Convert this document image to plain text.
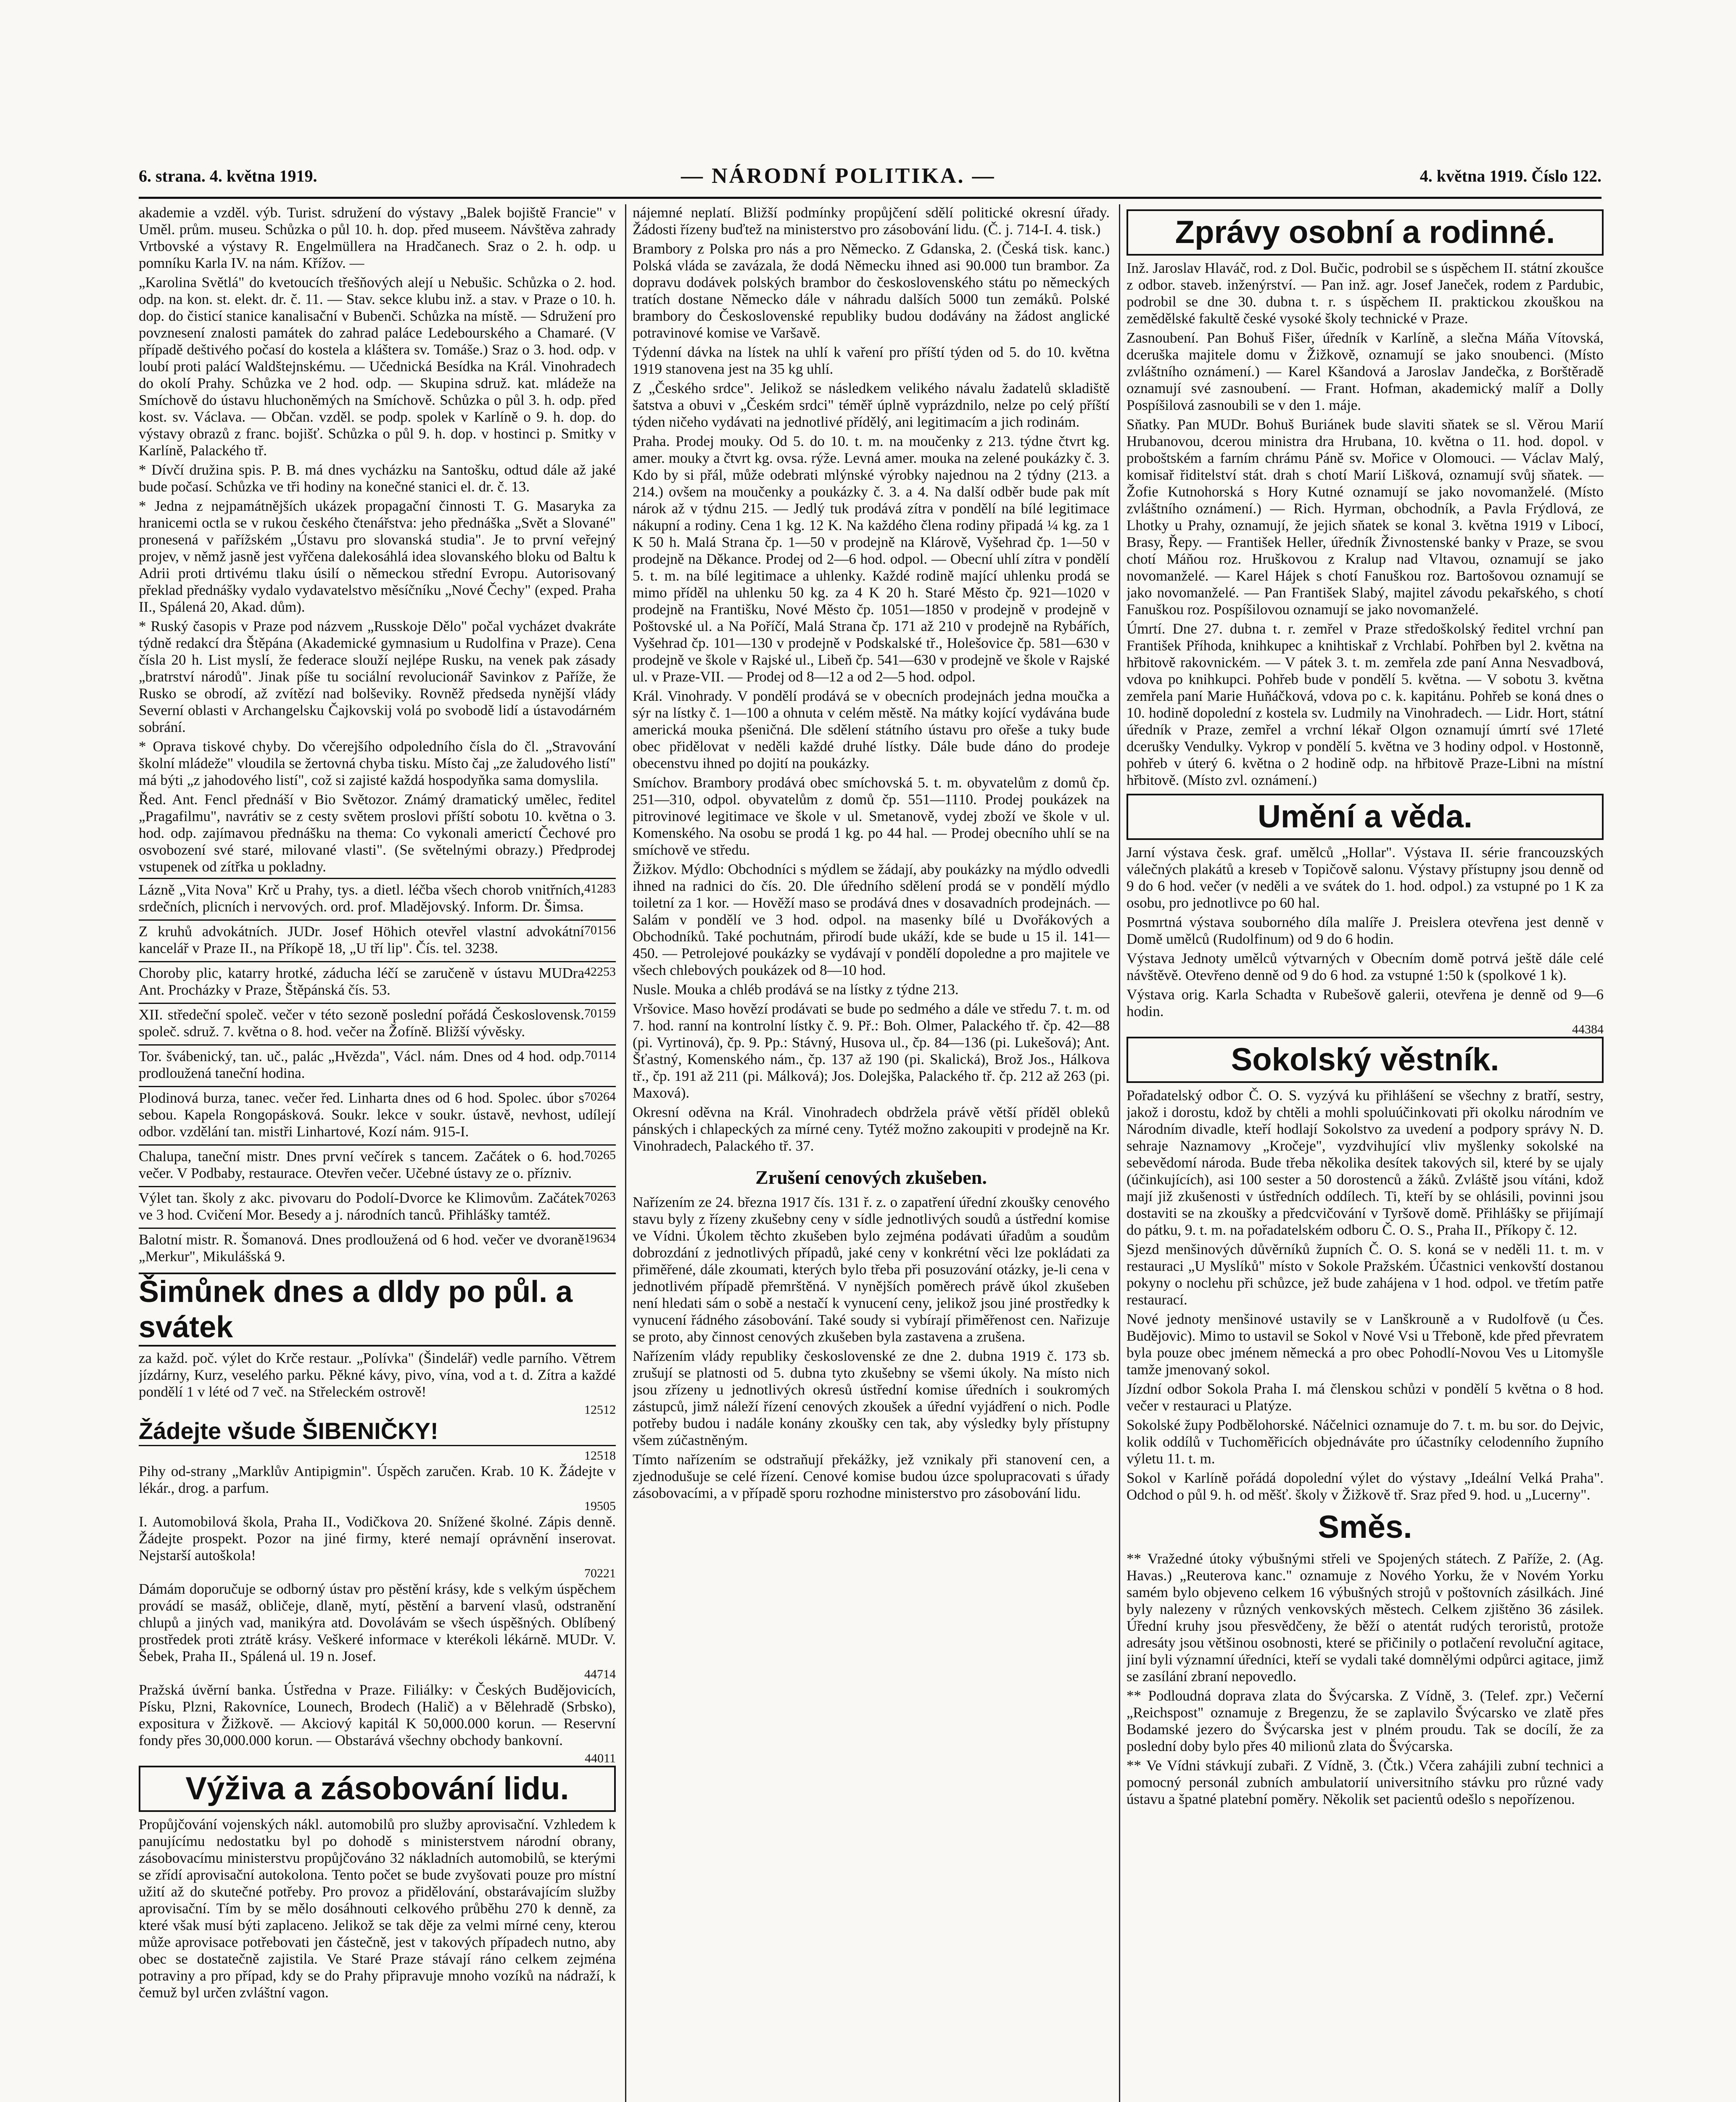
6. strana. 4. května 1919.	— NÁRODNÍ POLITIKA. —	4. května 1919. Číslo 122.

akademie a vzděl. výb. Turist. sdružení do výstavy „Balek bojiště Francie" v Uměl. prům. museu. Schůzka o půl 10. h. dop. před museem. Návštěva zahrady Vrtbovské a výstavy R. Engelmüllera na Hradčanech. Sraz o 2. h. odp. u pomníku Karla IV. na nám. Křížov. —

„Karolina Světlá" do kvetoucích třešňových alejí u Nebušic. Schůzka o 2. hod. odp. na kon. st. elekt. dr. č. 11. — Stav. sekce klubu inž. a stav. v Praze o 10. h. dop. do čisticí stanice kanalisační v Bubenči. Schůzka na místě. — Sdružení pro povznesení znalosti památek do zahrad paláce Ledebourského a Chamaré. (V případě deštivého počasí do kostela a kláštera sv. Tomáše.) Sraz o 3. hod. odp. v loubí proti palácí Waldštejnskému. — Učednická Besídka na Král. Vinohradech do okolí Prahy. Schůzka ve 2 hod. odp. — Skupina sdruž. kat. mládeže na Smíchově do ústavu hluchoněmých na Smíchově. Schůzka o půl 3. h. odp. před kost. sv. Václava. — Občan. vzděl. se podp. spolek v Karlíně o 9. h. dop. do výstavy obrazů z franc. bojišť. Schůzka o půl 9. h. dop. v hostinci p. Smitky v Karlíně, Palackého tř.

* Dívčí družina spis. P. B. má dnes vycházku na Santošku, odtud dále až jaké bude počasí. Schůzka ve tři hodiny na konečné stanici el. dr. č. 13.

* Jedna z nejpamátnějších ukázek propagační činnosti T. G. Masaryka za hranicemi octla se v rukou českého čtenářstva: jeho přednáška „Svět a Slované" pronesená v pařížském „Ústavu pro slovanská studia". Je to první veřejný projev, v němž jasně jest vyřčena dalekosáhlá idea slovanského bloku od Baltu k Adrii proti drtivému tlaku úsilí o německou střední Evropu. Autorisovaný překlad přednášky vydalo vydavatelstvo měsíčníku „Nové Čechy" (exped. Praha II., Spálená 20, Akad. dům).

* Ruský časopis v Praze pod názvem „Russkoje Dělo" počal vycházet dvakráte týdně redakcí dra Štěpána (Akademické gymnasium u Rudolfina v Praze). Cena čísla 20 h. List myslí, že federace slouží nejlépe Rusku, na venek pak zásady „bratrství národů". Jinak píše tu sociální revolucionář Savinkov z Paříže, že Rusko se obrodí, až zvítězí nad bolševiky. Rovněž předseda nynější vlády Severní oblasti v Archangelsku Čajkovskij volá po svobodě lidí a ústavodárném sobrání.

* Oprava tiskové chyby. Do včerejšího odpoledního čísla do čl. „Stravování školní mládeže" vloudila se žertovná chyba tisku. Místo čaj „ze žaludového listí" má býti „z jahodového listí", což si zajisté každá hospodyňka sama domyslila.

Řed. Ant. Fencl přednáší v Bio Světozor. Známý dramatický umělec, ředitel „Pragafilmu", navrátiv se z cesty světem proslovi příští sobotu 10. května o 3. hod. odp. zajímavou přednášku na thema: Co vykonali americtí Čechové pro osvobození své staré, milované vlasti". (Se světelnými obrazy.) Předprodej vstupenek od zítřka u pokladny.

41283

Lázně „Vita Nova" Krč u Prahy, tys. a dietl. léčba všech chorob vnitřních, srdečních, plicních i nervových. ord. prof. Mladějovský. Inform. Dr. Šimsa.

70156

Z kruhů advokátních. JUDr. Josef Höhich otevřel vlastní advokátní kancelář v Praze II., na Příkopě 18, „U tří lip". Čís. tel. 3238.

42253

Choroby plic, katarry hrotké, záducha léčí se zaručeně v ústavu MUDra Ant. Procházky v Praze, Štěpánská čís. 53.

70159

XII. středeční společ. večer v této sezoně poslední pořádá Československ. společ. sdruž. 7. května o 8. hod. večer na Žofíně. Bližší vývěsky.

70114

Tor. švábenický, tan. uč., palác „Hvězda", Václ. nám. Dnes od 4 hod. odp. prodloužená taneční hodina.

70264

Plodinová burza, tanec. večer řed. Linharta dnes od 6 hod. Spolec. úbor s sebou. Kapela Rongopásková. Soukr. lekce v soukr. ústavě, nevhost, udílejí odbor. vzdělání tan. mistři Linhartové, Kozí nám. 915-I.

70265

Chalupa, taneční mistr. Dnes první večírek s tancem. Začátek o 6. hod. večer. V Podbaby, restaurace. Otevřen večer. Učebné ústavy ze o. přízniv.

70263

Výlet tan. školy z akc. pivovaru do Podolí-Dvorce ke Klimovům. Začátek ve 3 hod. Cvičení Mor. Besedy a j. národních tanců. Přihlášky tamtéž.

19634

Balotní mistr. R. Šomanová. Dnes prodloužená od 6 hod. večer ve dvoraně „Merkur", Mikulášská 9.

Šimůnek dnes a dldy po půl. a svátek

za každ. poč. výlet do Krče restaur. „Polívka" (Šindelář) vedle parního. Větrem jízdárny, Kurz, veselého parku. Pěkné kávy, pivo, vína, vod a t. d. Zítra a každé pondělí 1 v lété od 7 več. na Střeleckém ostrově!

12512
Žádejte všude ŠIBENIČKY!
12518

Pihy od-strany „Marklův Antipigmin". Úspěch zaručen. Krab. 10 K. Žádejte v lékár., drog. a parfum.

19505

I. Automobilová škola, Praha II., Vodičkova 20. Snížené školné. Zápis denně. Žádejte prospekt. Pozor na jiné firmy, které nemají oprávnění inserovat. Nejstarší autoškola!

70221

Dámám doporučuje se odborný ústav pro pěstění krásy, kde s velkým úspěchem provádí se masáž, obličeje, dlaně, mytí, pěstění a barvení vlasů, odstranění chlupů a jiných vad, manikýra atd. Dovolávám se všech úspěšných. Oblíbený prostředek proti ztrátě krásy. Veškeré informace v kterékoli lékárně. MUDr. V. Šebek, Praha II., Spálená ul. 19 n. Josef.

44714

Pražská úvěrní banka. Ústředna v Praze. Filiálky: v Českých Budějovicích, Písku, Plzni, Rakovníce, Lounech, Brodech (Halič) a v Bělehradě (Srbsko), expositura v Žižkově. — Akciový kapitál K 50,000.000 korun. — Reservní fondy přes 30,000.000 korun. — Obstarává všechny obchody bankovní.

44011
Výživa a zásobování lidu.

Propůjčování vojenských nákl. automobilů pro služby aprovisační. Vzhledem k panujícímu nedostatku byl po dohodě s ministerstvem národní obrany, zásobovacímu ministerstvu propůjčováno 32 nákladních automobilů, se kterými se zřídí aprovisační autokolona. Tento počet se bude zvyšovati pouze pro místní užití až do skutečné potřeby. Pro provoz a přidělování, obstarávajícím služby aprovisační. Tím by se mělo dosáhnouti celkového průběhu 270 k denně, za které však musí býti zaplaceno. Jelikož se tak děje za velmi mírné ceny, kterou může aprovisace potřebovati jen částečně, jest v takových případech nutno, aby obec se dostatečně zajistila. Ve Staré Praze stávají ráno celkem zejména potraviny a pro případ, kdy se do Prahy připravuje mnoho vozíků na nádraží, k čemuž byl určen zvláštní vagon.

nájemné neplatí. Bližší podmínky propůjčení sdělí politické okresní úřady. Žádosti řízeny buďtež na ministerstvo pro zásobování lidu. (Č. j. 714-I. 4. tisk.)

Brambory z Polska pro nás a pro Německo. Z Gdanska, 2. (Česká tisk. kanc.) Polská vláda se zavázala, že dodá Německu ihned asi 90.000 tun brambor. Za dopravu dodávek polských brambor do československého státu po německých tratích dostane Německo dále v náhradu dalších 5000 tun zemáků. Polské brambory do Československé republiky budou dodávány na žádost anglické potravinové komise ve Varšavě.

Týdenní dávka na lístek na uhlí k vaření pro příští týden od 5. do 10. května 1919 stanovena jest na 35 kg uhlí.

Z „Českého srdce". Jelikož se následkem velikého návalu žadatelů skladiště šatstva a obuvi v „Českém srdci" téměř úplně vyprázdnilo, nelze po celý příští týden ničeho vydávati na jednotlivé přídělý, ani legitimacím a jich rodinám.

Praha. Prodej mouky. Od 5. do 10. t. m. na moučenky z 213. týdne čtvrt kg. amer. mouky a čtvrt kg. ovsa. rýže. Levná amer. mouka na zelené poukázky č. 3. Kdo by si přál, může odebrati mlýnské výrobky najednou na 2 týdny (213. a 214.) ovšem na moučenky a poukázky č. 3. a 4. Na další odběr bude pak mít nárok až v týdnu 215. — Jedlý tuk prodává zítra v pondělí na bílé legitimace nákupní a rodiny. Cena 1 kg. 12 K. Na každého člena rodiny připadá ¼ kg. za 1 K 50 h. Malá Strana čp. 1—50 v prodejně na Klárově, Vyšehrad čp. 1—50 v prodejně na Děkance. Prodej od 2—6 hod. odpol. — Obecní uhlí zítra v pondělí 5. t. m. na bílé legitimace a uhlenky. Každé rodině mající uhlenku prodá se mimo příděl na uhlenku 50 kg. za 4 K 20 h. Staré Město čp. 921—1020 v prodejně na Františku, Nové Město čp. 1051—1850 v prodejně v prodejně v Poštovské ul. a Na Poříčí, Malá Strana čp. 171 až 210 v prodejně na Rybářích, Vyšehrad čp. 101—130 v prodejně v Podskalské tř., Holešovice čp. 581—630 v prodejně ve škole v Rajské ul., Libeň čp. 541—630 v prodejně ve škole v Rajské ul. v Praze-VII. — Prodej od 8—12 a od 2—5 hod. odpol.

Král. Vinohrady. V pondělí prodává se v obecních prodejnách jedna moučka a sýr na lístky č. 1—100 a ohnuta v celém městě. Na mátky kojící vydávána bude americká mouka pšeničná. Dle sdělení státního ústavu pro ořeše a tuky bude obec přidělovat v neděli každé druhé lístky. Dále bude dáno do prodeje obecenstvu ihned po dojití na poukázky.

Smíchov. Brambory prodává obec smíchovská 5. t. m. obyvatelům z domů čp. 251—310, odpol. obyvatelům z domů čp. 551—1110. Prodej poukázek na pitrovinové legitimace ve škole v ul. Smetanově, vydej zboží ve škole v ul. Komenského. Na osobu se prodá 1 kg. po 44 hal. — Prodej obecního uhlí se na smíchově ve středu.

Žižkov. Mýdlo: Obchodníci s mýdlem se žádají, aby poukázky na mýdlo odvedli ihned na radnici do čís. 20. Dle úředního sdělení prodá se v pondělí mýdlo toiletní za 1 kor. — Hověží maso se prodává dnes v dosavadních prodejnách. — Salám v pondělí ve 3 hod. odpol. na masenky bílé u Dvořákových a Obchodníků. Také pochutnám, přirodí bude ukáží, kde se bude u 15 il. 141—450. — Petrolejové poukázky se vydávají v pondělí dopoledne a pro majitele ve všech chlebových poukázek od 8—10 hod.

Nusle. Mouka a chléb prodává se na lístky z týdne 213.

Vršovice. Maso hovězí prodávati se bude po sedmého a dále ve středu 7. t. m. od 7. hod. ranní na kontrolní lístky č. 9. Př.: Boh. Olmer, Palackého tř. čp. 42—88 (pi. Vyrtinová), čp. 9. Pp.: Stávný, Husova ul., čp. 84—136 (pi. Lukešová); Ant. Šťastný, Komenského nám., čp. 137 až 190 (pi. Skalická), Brož Jos., Hálkova tř., čp. 191 až 211 (pi. Málková); Jos. Dolejška, Palackého tř. čp. 212 až 263 (pi. Maxová).

Okresní oděvna na Král. Vinohradech obdržela právě větší příděl obleků pánských i chlapeckých za mírné ceny. Tytéž možno zakoupiti v prodejně na Kr. Vinohradech, Palackého tř. 37.

Zrušení cenových zkušeben.

Nařízením ze 24. března 1917 čís. 131 ř. z. o zapatření úřední zkoušky cenového stavu byly z řízeny zkušebny ceny v sídle jednotlivých soudů a ústřední komise ve Vídni. Úkolem těchto zkušeben bylo zejména podávati úřadům a soudům dobrozdání z jednotlivých případů, jaké ceny v konkrétní věci lze pokládati za přiměřené, dále zkoumati, kterých bylo třeba při posuzování otázky, je-li cena v jednotlivém případě přemrštěná. V nynějších poměrech právě úkol zkušeben není hledati sám o sobě a nestačí k vynucení ceny, jelikož jsou jiné prostředky k vynucení řádného zásobování. Také soudy si vybírají přiměřenost cen. Nařizuje se proto, aby činnost cenových zkušeben byla zastavena a zrušena.

Nařízením vlády republiky československé ze dne 2. dubna 1919 č. 173 sb. zrušují se platnosti od 5. dubna tyto zkušebny se všemi úkoly. Na místo nich jsou zřízeny u jednotlivých okresů ústřední komise úředních i soukromých zástupců, jimž náleží řízení cenových zkoušek a úřední vyjádření o nich. Podle potřeby budou i nadále konány zkoušky cen tak, aby výsledky byly přístupny všem zúčastněným.

Tímto nařízením se odstraňují překážky, jež vznikaly při stanovení cen, a zjednodušuje se celé řízení. Cenové komise budou úzce spolupracovati s úřady zásobovacími, a v případě sporu rozhodne ministerstvo pro zásobování lidu.

Zprávy osobní a rodinné.

Inž. Jaroslav Hlaváč, rod. z Dol. Bučic, podrobil se s úspěchem II. státní zkoušce z odbor. staveb. inženýrství. — Pan inž. agr. Josef Janeček, rodem z Pardubic, podrobil se dne 30. dubna t. r. s úspěchem II. praktickou zkouškou na zemědělské fakultě české vysoké školy technické v Praze.

Zasnoubení. Pan Bohuš Fišer, úředník v Karlíně, a slečna Máňa Vítovská, dceruška majitele domu v Žižkově, oznamují se jako snoubenci. (Místo zvláštního oznámení.) — Karel Kšandová a Jaroslav Jandečka, z Borštěradě oznamují své zasnoubení. — Frant. Hofman, akademický malíř a Dolly Pospíšilová zasnoubili se v den 1. máje.

Sňatky. Pan MUDr. Bohuš Buriánek bude slaviti sňatek se sl. Věrou Marií Hrubanovou, dcerou ministra dra Hrubana, 10. května o 11. hod. dopol. v proboštském a farním chrámu Páně sv. Mořice v Olomouci. — Václav Malý, komisař řiditelství stát. drah s chotí Marií Lišková, oznamují svůj sňatek. — Žofie Kutnohorská s Hory Kutné oznamují se jako novomanželé. (Místo zvláštního oznámení.) — Rich. Hyrman, obchodník, a Pavla Frýdlová, ze Lhotky u Prahy, oznamují, že jejich sňatek se konal 3. května 1919 v Libocí, Brasy, Řepy. — František Heller, úředník Živnostenské banky v Praze, se svou chotí Máňou roz. Hruškovou z Kralup nad Vltavou, oznamují se jako novomanželé. — Karel Hájek s chotí Fanuškou roz. Bartošovou oznamují se jako novomanželé. — Pan František Slabý, majitel závodu pekařského, s chotí Fanuškou roz. Pospíšilovou oznamují se jako novomanželé.

Úmrtí. Dne 27. dubna t. r. zemřel v Praze středoškolský ředitel vrchní pan František Příhoda, knihkupec a knihtiskař z Vrchlabí. Pohřben byl 2. května na hřbitově rakovnickém. — V pátek 3. t. m. zemřela zde paní Anna Nesvadbová, vdova po knihkupci. Pohřeb bude v pondělí 5. května. — V sobotu 3. května zemřela paní Marie Huňáčková, vdova po c. k. kapitánu. Pohřeb se koná dnes o 10. hodině dopolední z kostela sv. Ludmily na Vinohradech. — Lidr. Hort, státní úředník v Praze, zemřel a vrchní lékař Olgon oznamují úmrtí své 17leté dcerušky Vendulky. Vykrop v pondělí 5. května ve 3 hodiny odpol. v Hostonně, pohřeb v úterý 6. května o 2 hodině odp. na hřbitově Praze-Libni na místní hřbitově. (Místo zvl. oznámení.)

Umění a věda.

Jarní výstava česk. graf. umělců „Hollar". Výstava II. série francouzských válečných plakátů a kreseb v Topičově salonu. Výstavy přístupny jsou denně od 9 do 6 hod. večer (v neděli a ve svátek do 1. hod. odpol.) za vstupné po 1 K za osobu, pro jednotlivce po 60 hal.

Posmrtná výstava souborného díla malíře J. Preislera otevřena jest denně v Domě umělců (Rudolfinum) od 9 do 6 hodin.

Výstava Jednoty umělců výtvarných v Obecním domě potrvá ještě dále celé návštěvě. Otevřeno denně od 9 do 6 hod. za vstupné 1:50 k (spolkové 1 k).

Výstava orig. Karla Schadta v Rubešově galerii, otevřena je denně od 9—6 hodin.

44384
Sokolský věstník.

Pořadatelský odbor Č. O. S. vyzývá ku přihlášení se všechny z bratří, sestry, jakož i dorostu, kdož by chtěli a mohli spoluúčinkovati při okolku národním ve Národním divadle, kteří hodlají Sokolstvo za uvedení a podpory správy N. D. sehraje Naznamovy „Kročeje", vyzdvihující vliv myšlenky sokolské na sebevědomí národa. Bude třeba několika desítek takových sil, které by se ujaly (účinkujících), asi 100 sester a 50 dorostenců a žáků. Zvláště jsou vítáni, kdož mají již zkušenosti v ústředních oddílech. Ti, kteří by se ohlásili, povinni jsou dostaviti se na zkoušky a předcvičování v Tyršově domě. Přihlášky se přijímají do pátku, 9. t. m. na pořadatelském odboru Č. O. S., Praha II., Příkopy č. 12.

Sjezd menšinových důvěrníků župních Č. O. S. koná se v neděli 11. t. m. v restauraci „U Myslíků" místo v Sokole Pražském. Účastnici venkovští dostanou pokyny o noclehu při schůzce, jež bude zahájena v 1 hod. odpol. ve třetím patře restaurací.

Nové jednoty menšinové ustavily se v Lanškrouně a v Rudolfově (u Čes. Budějovic). Mimo to ustavil se Sokol v Nové Vsi u Třeboně, kde před převratem byla pouze obec jménem německá a pro obec Pohodlí-Novou Ves u Litomyšle tamže jmenovaný sokol.

Jízdní odbor Sokola Praha I. má členskou schůzi v pondělí 5 května o 8 hod. večer v restauraci u Platýze.

Sokolské župy Podbělohorské. Náčelnici oznamuje do 7. t. m. bu sor. do Dejvic, kolik oddílů v Tuchoměřicích objednáváte pro účastníky celodenního župního výletu 11. t. m.

Sokol v Karlíně pořádá dopolední výlet do výstavy „Ideální Velká Praha". Odchod o půl 9. h. od měšť. školy v Žižkově tř. Sraz před 9. hod. u „Lucerny".

Směs.

** Vražedné útoky výbušnými střeli ve Spojených státech. Z Paříže, 2. (Ag. Havas.) „Reuterova kanc." oznamuje z Nového Yorku, že v Novém Yorku samém bylo objeveno celkem 16 výbušných strojů v poštovních zásilkách. Jiné byly nalezeny v různých venkovských městech. Celkem zjištěno 36 zásilek. Úřední kruhy jsou přesvědčeny, že běží o atentát rudých teroristů, protože adresáty jsou většinou osobnosti, které se přičinily o potlačení revoluční agitace, jiní byli významní úředníci, kteří se vydali také domnělými odpůrci agitace, jimž se zasílání zbraní nepovedlo.

** Podloudná doprava zlata do Švýcarska. Z Vídně, 3. (Telef. zpr.) Večerní „Reichspost" oznamuje z Bregenzu, že se zaplavilo Švýcarsko ve zlatě přes Bodamské jezero do Švýcarska jest v plném proudu. Tak se docílí, že za poslední doby bylo přes 40 milionů zlata do Švýcarska.

** Ve Vídni stávkují zubaři. Z Vídně, 3. (Čtk.) Včera zahájili zubní technici a pomocný personál zubních ambulatorií universitního stávku pro různé vady ústavu a špatné platební poměry. Několik set pacientů odešlo s nepořízenou.
